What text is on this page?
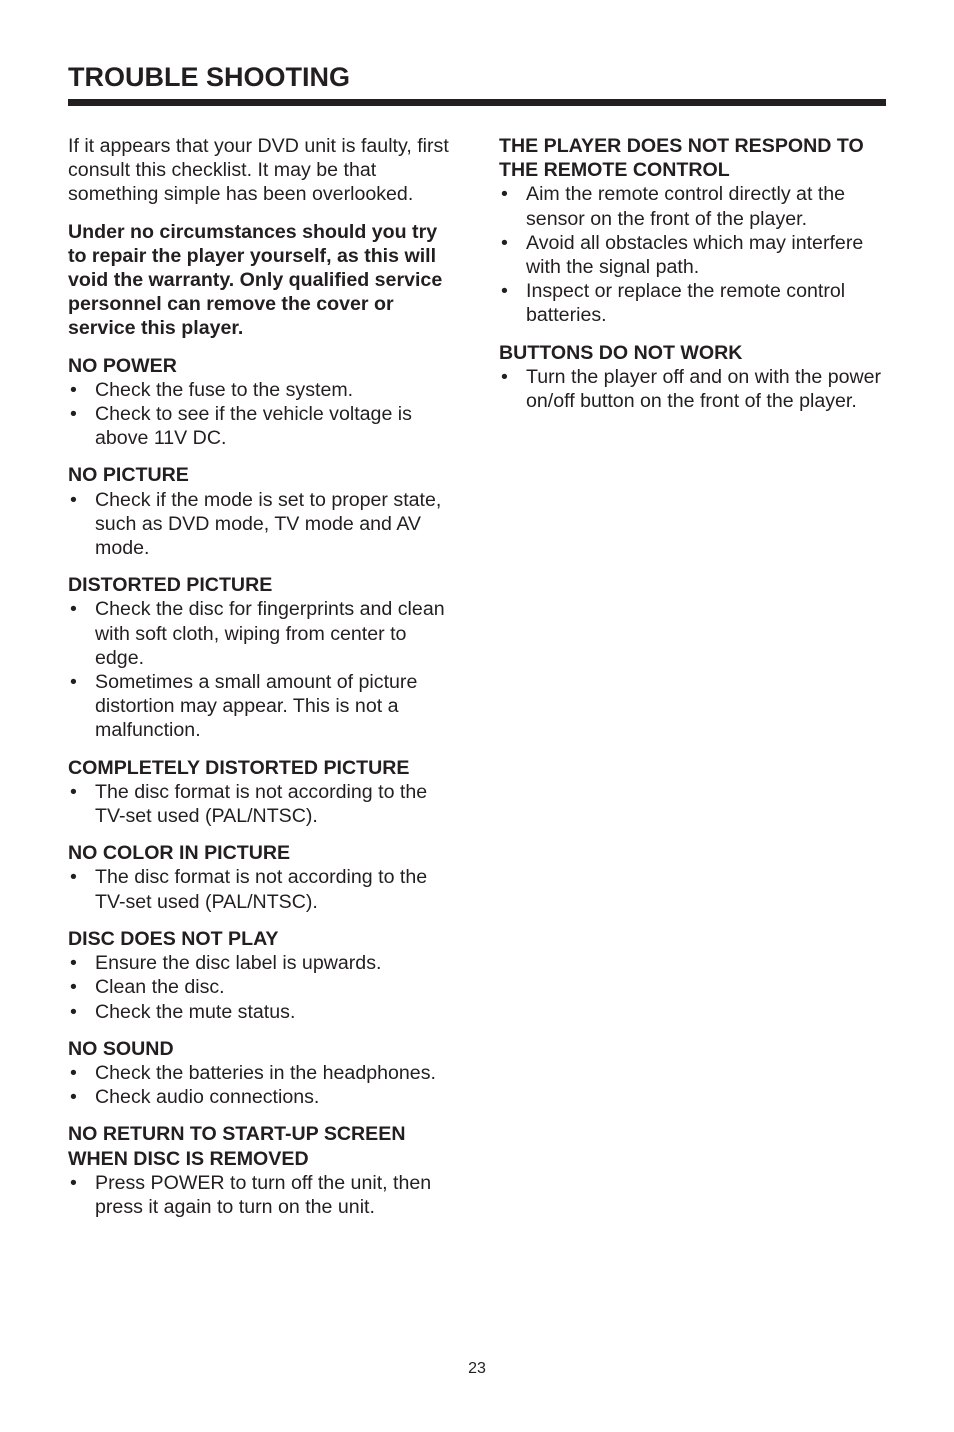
TROUBLE SHOOTING

If it appears that your DVD unit is faulty, first consult this checklist. It may be that something simple has been overlooked.

Under no circumstances should you try to repair the player yourself, as this will void the warranty. Only qualified service personnel can remove the cover or service this player.

NO POWER

• Check the fuse to the system.
• Check to see if the vehicle voltage is above 11V DC.

NO PICTURE

• Check if the mode is set to proper state, such as DVD mode, TV mode and AV mode.

DISTORTED PICTURE

• Check the disc for fingerprints and clean with soft cloth, wiping from center to edge.
• Sometimes a small amount of picture distortion may appear. This is not a malfunction.

COMPLETELY DISTORTED PICTURE

• The disc format is not according to the TV-set used (PAL/NTSC).

NO COLOR IN PICTURE

• The disc format is not according to the TV-set used (PAL/NTSC).

DISC DOES NOT PLAY

• Ensure the disc label is upwards.
• Clean the disc.
• Check the mute status.

NO SOUND

• Check the batteries in the headphones.
• Check audio connections.

NO RETURN TO START-UP SCREEN WHEN DISC IS REMOVED

• Press POWER to turn off the unit, then press it again to turn on the unit.

THE PLAYER DOES NOT RESPOND TO THE REMOTE CONTROL

• Aim the remote control directly at the sensor on the front of the player.
• Avoid all obstacles which may interfere with the signal path.
• Inspect or replace the remote control batteries.

BUTTONS DO NOT WORK

• Turn the player off and on with the power on/off button on the front of the player.
23
